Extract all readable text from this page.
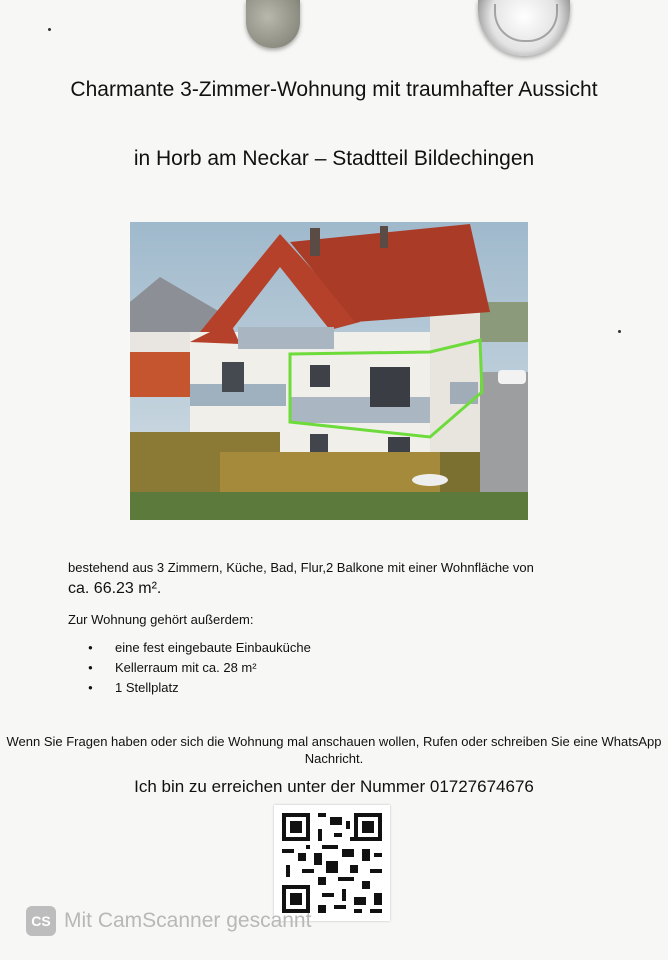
Charmante 3-Zimmer-Wohnung mit traumhafter Aussicht
in Horb am Neckar – Stadtteil Bildechingen
bestehend aus 3 Zimmern, Küche, Bad, Flur,2 Balkone mit einer Wohnfläche von
ca. 66.23 m².
Zur Wohnung gehört außerdem:
● eine fest eingebaute Einbauküche
● Kellerraum mit ca. 28 m²
● 1 Stellplatz
Wenn Sie Fragen haben oder sich die Wohnung mal anschauen wollen, Rufen oder schreiben Sie eine WhatsApp Nachricht.
Ich bin zu erreichen unter der Nummer 01727674676
CS Mit CamScanner gescannt
